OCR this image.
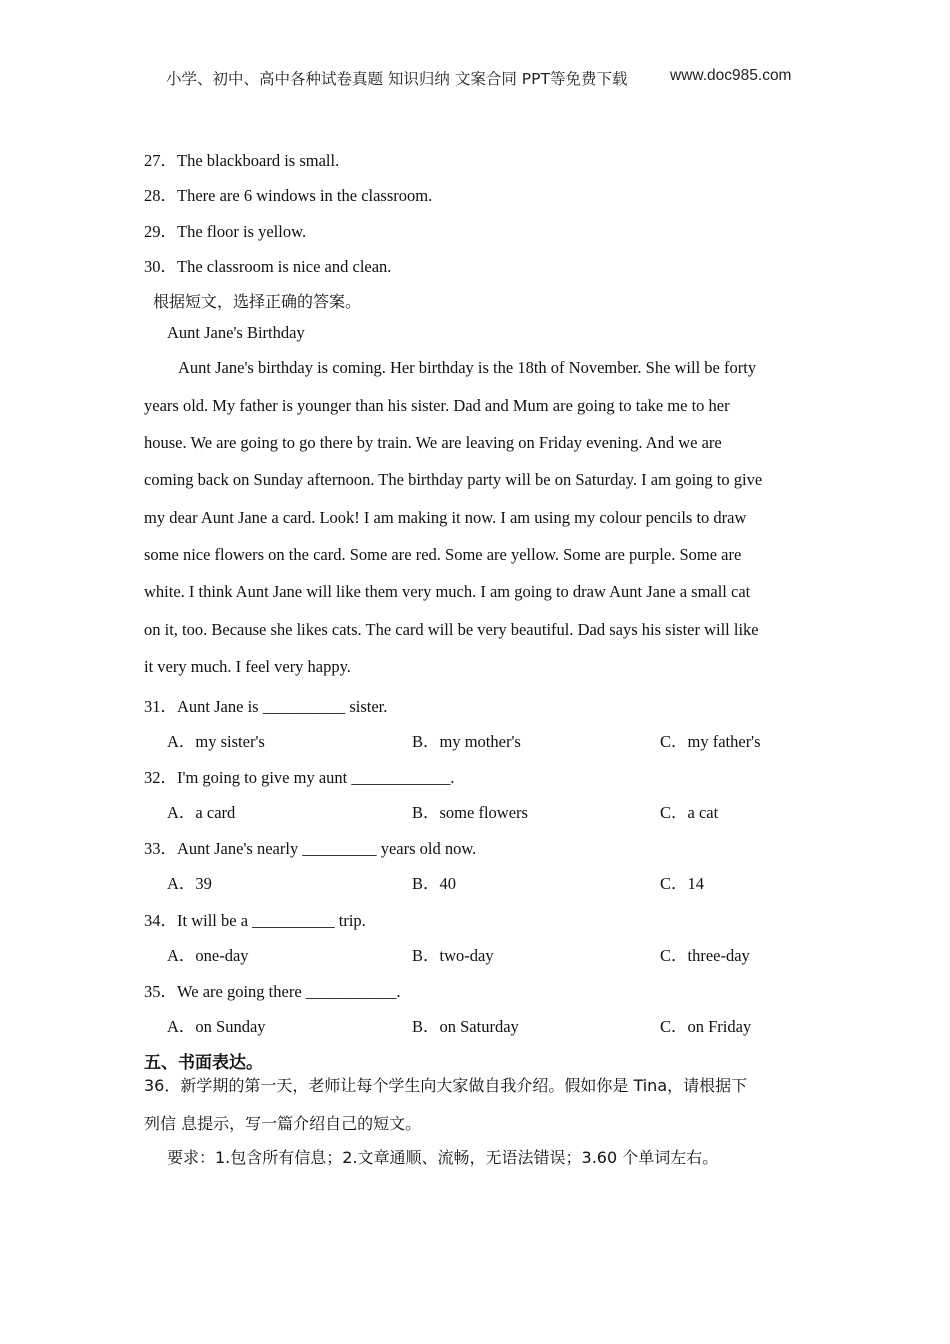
小学、初中、高中各种试卷真题 知识归纳 文案合同 PPT等免费下载	www.doc985.com
27．The blackboard is small.
28．There are 6 windows in the classroom.
29．The floor is yellow.
30．The classroom is nice and clean.
根据短文，选择正确的答案。
Aunt Jane's Birthday
Aunt Jane's birthday is coming. Her birthday is the 18th of November. She will be forty
years old. My father is younger than his sister. Dad and Mum are going to take me to her
house. We are going to go there by train. We are leaving on Friday evening. And we are
coming back on Sunday afternoon. The birthday party will be on Saturday. I am going to give
my dear Aunt Jane a card. Look! I am making it now. I am using my colour pencils to draw
some nice flowers on the card. Some are red. Some are yellow. Some are purple. Some are
white. I think Aunt Jane will like them very much. I am going to draw Aunt Jane a small cat
on it, too. Because she likes cats. The card will be very beautiful. Dad says his sister will like
it very much. I feel very happy.
31．Aunt Jane is __________ sister.
A．my sister's	B．my mother's	C．my father's
32．I'm going to give my aunt ____________.
A．a card	B．some flowers	C．a cat
33．Aunt Jane's nearly _________ years old now.
A．39	B．40	C．14
34．It will be a __________ trip.
A．one-day	B．two-day	C．three-day
35．We are going there ___________.
A．on Sunday	B．on Saturday	C．on Friday
五、书面表达。
36．新学期的第一天，老师让每个学生向大家做自我介绍。假如你是 Tina，请根据下
列信 息提示，写一篇介绍自己的短文。
要求：1.包含所有信息；2.文章通顺、流畅，无语法错误；3.60 个单词左右。
